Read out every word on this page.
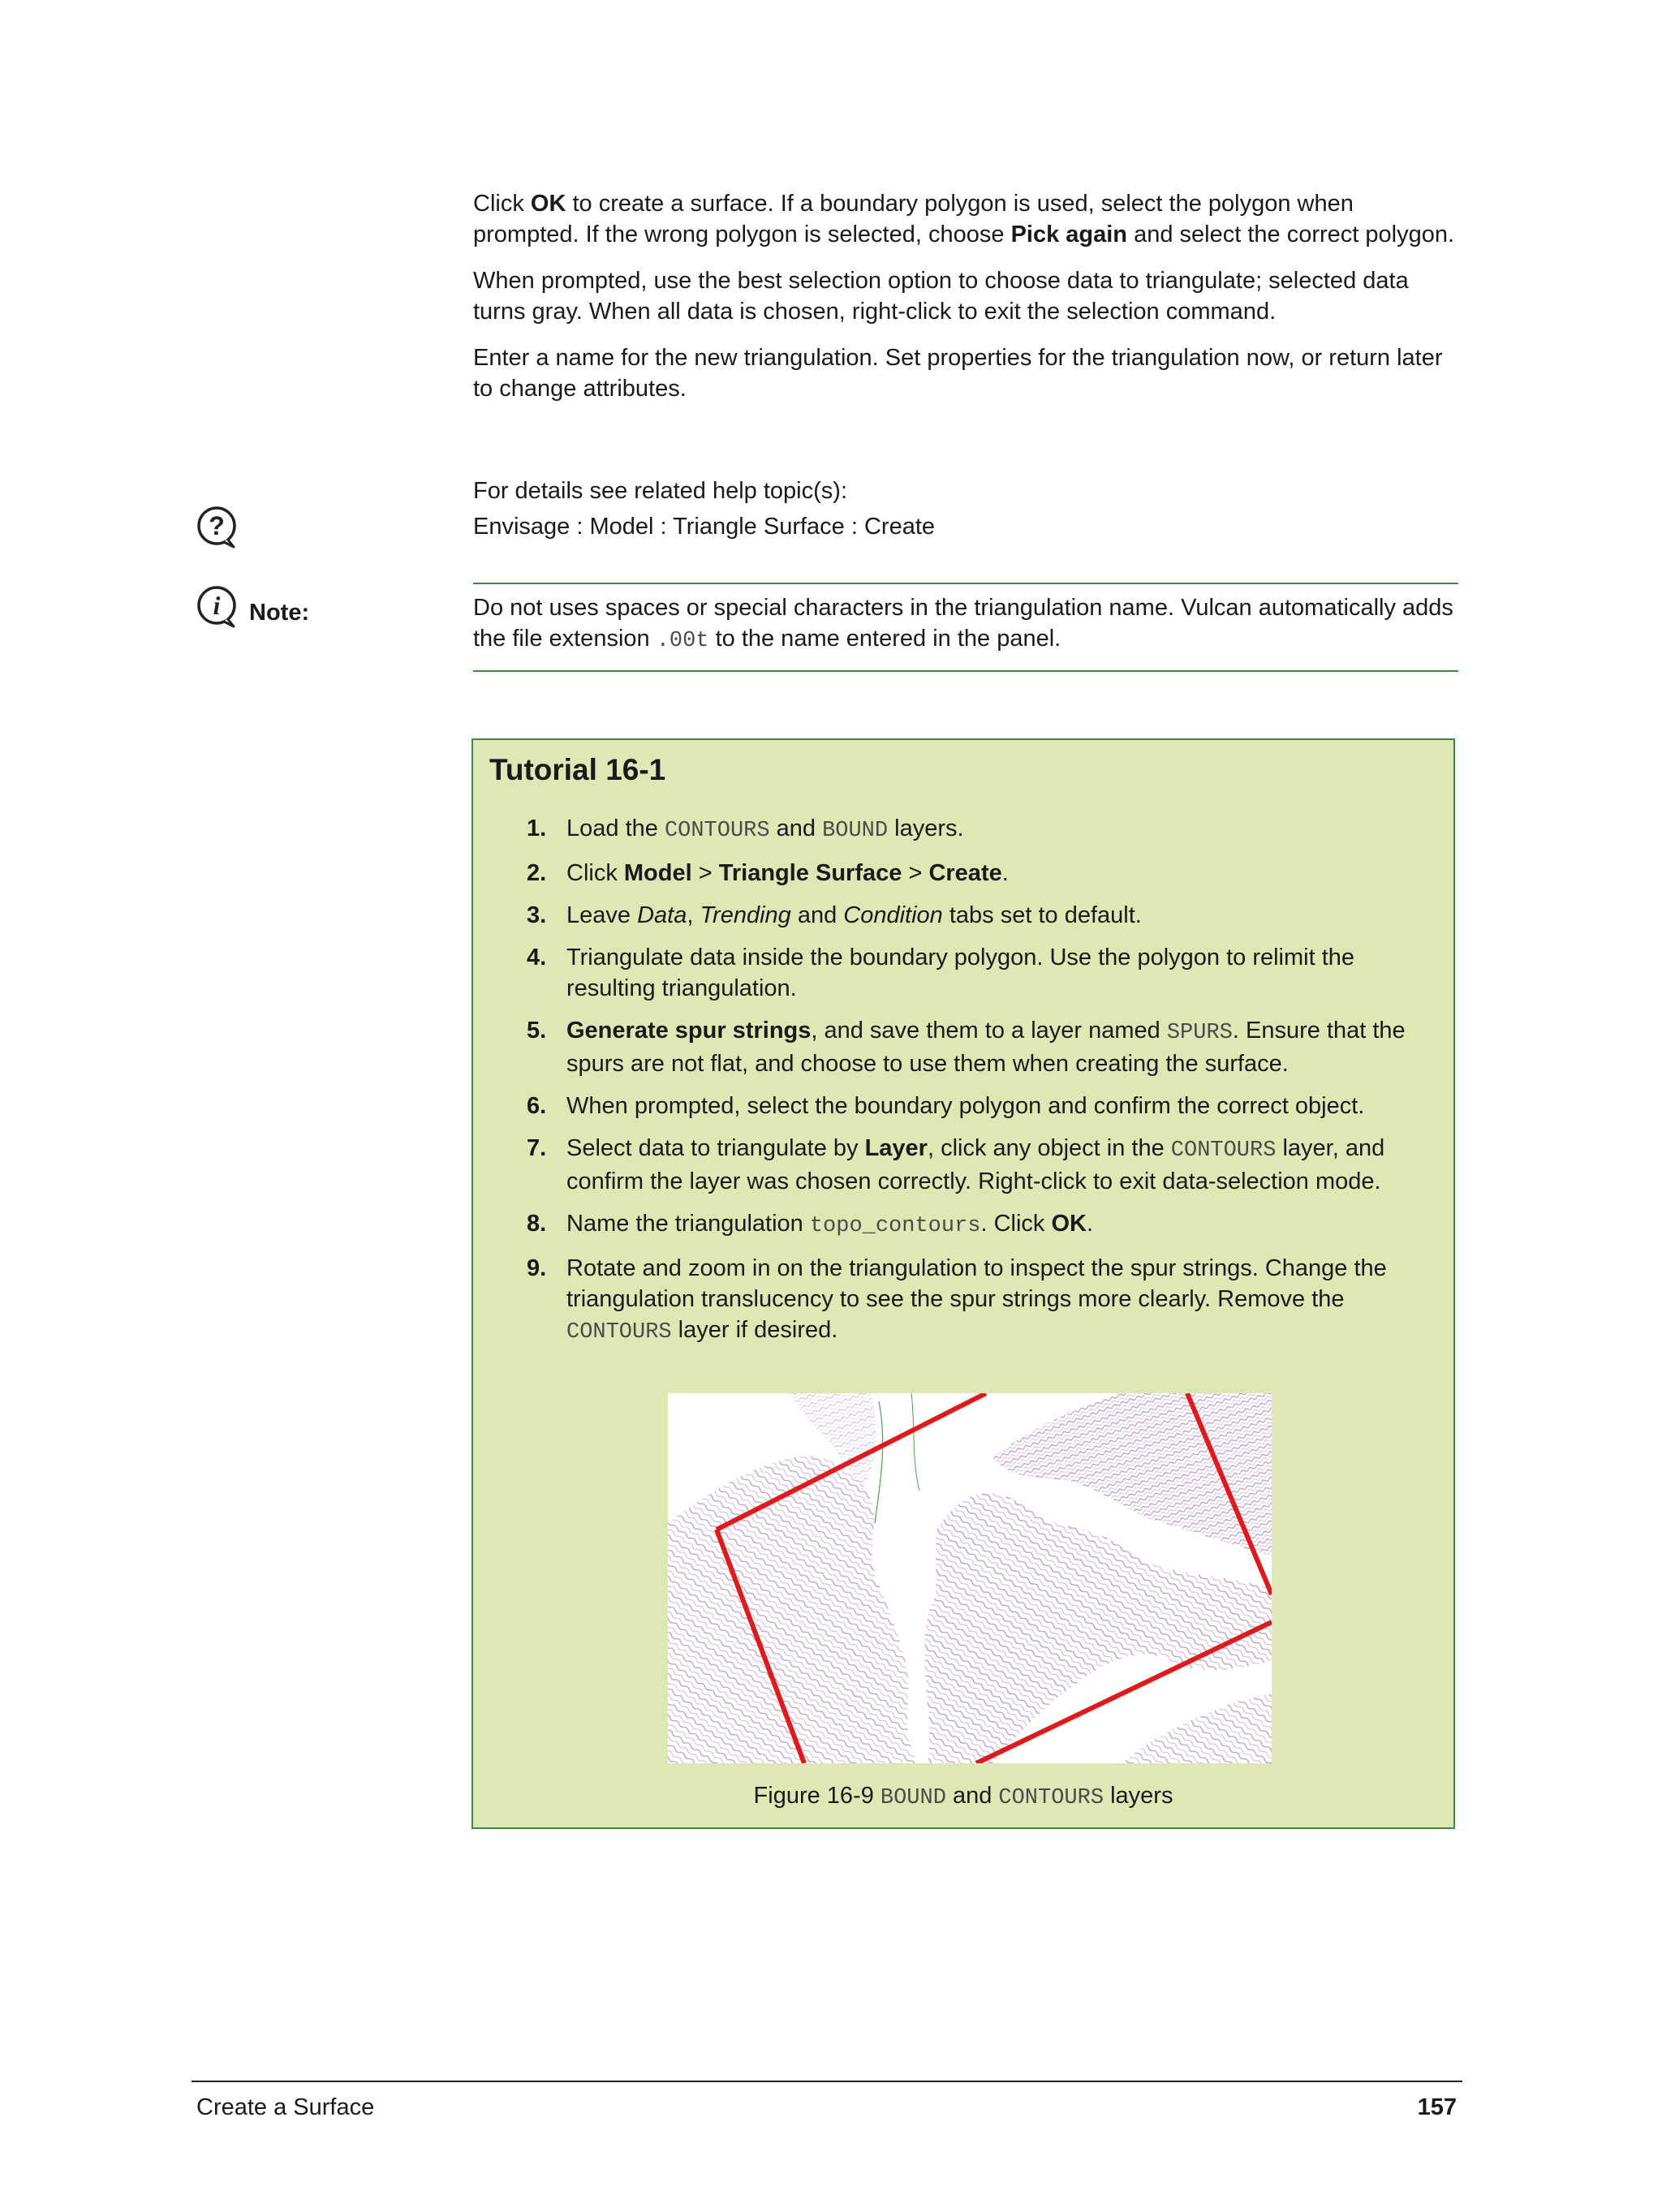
Click OK to create a surface. If a boundary polygon is used, select the polygon when prompted. If the wrong polygon is selected, choose Pick again and select the correct polygon.

When prompted, use the best selection option to choose data to triangulate; selected data turns gray. When all data is chosen, right-click to exit the selection command.

Enter a name for the new triangulation. Set properties for the triangulation now, or return later to change attributes.

?

For details see related help topic(s):

Envisage : Model : Triangle Surface : Create

i Note:	Do not uses spaces or special characters in the triangulation name. Vulcan automatically adds the file extension .00t to the name entered in the panel.

Tutorial 16-1
1. Load the CONTOURS and BOUND layers.
2. Click Model > Triangle Surface > Create.
3. Leave Data, Trending and Condition tabs set to default.
4. Triangulate data inside the boundary polygon. Use the polygon to relimit the resulting triangulation.
5. Generate spur strings, and save them to a layer named SPURS. Ensure that the spurs are not flat, and choose to use them when creating the surface.
6. When prompted, select the boundary polygon and confirm the correct object.
7. Select data to triangulate by Layer, click any object in the CONTOURS layer, and confirm the layer was chosen correctly. Right-click to exit data-selection mode.
8. Name the triangulation topo_contours. Click OK.
9. Rotate and zoom in on the triangulation to inspect the spur strings. Change the triangulation translucency to see the spur strings more clearly. Remove the CONTOURS layer if desired.
Figure 16-9 BOUND and CONTOURS layers
Create a Surface	157
